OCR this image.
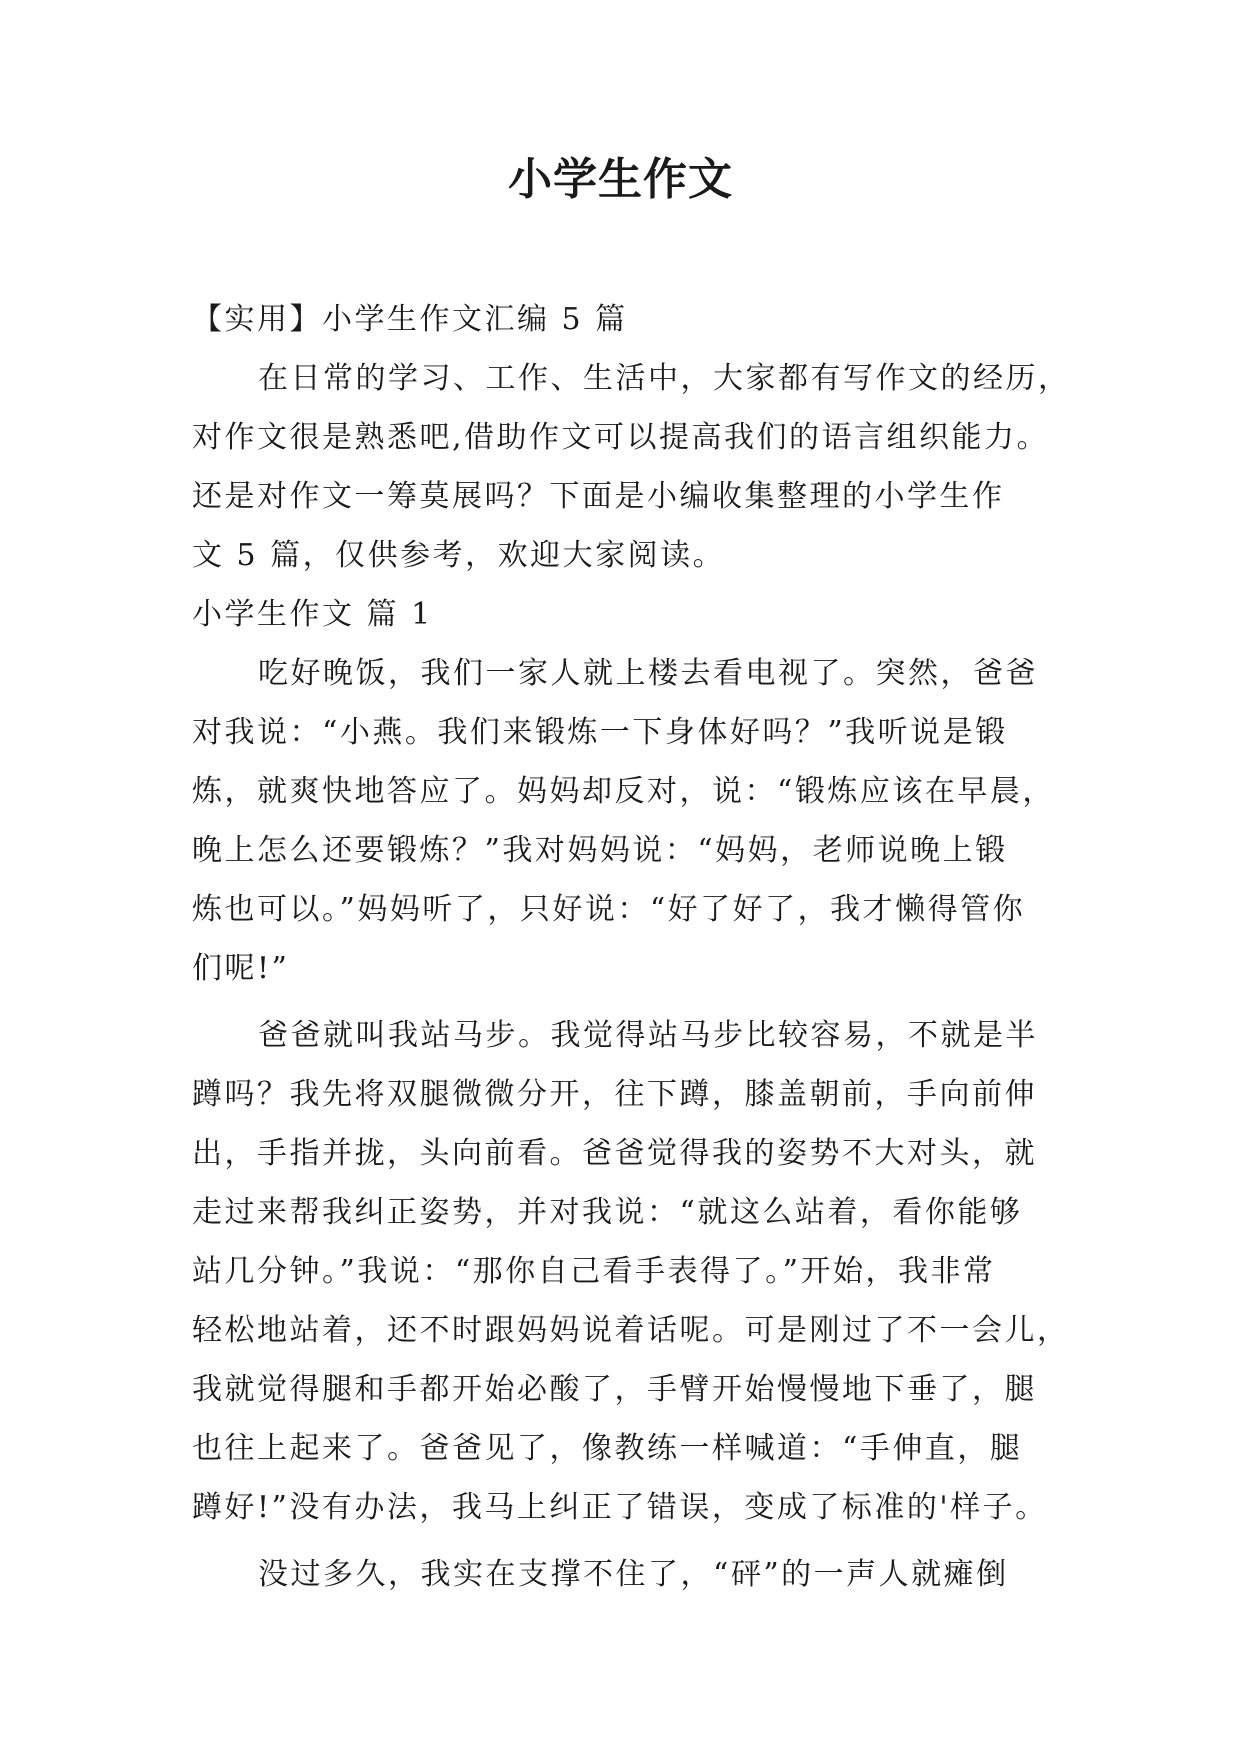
小学生作文
【实用】小学生作文汇编 5 篇
在日常的学习、工作、生活中，大家都有写作文的经历，
对作文很是熟悉吧,借助作文可以提高我们的语言组织能力。
还是对作文一筹莫展吗？下面是小编收集整理的小学生作
文 5 篇，仅供参考，欢迎大家阅读。
小学生作文 篇 1
吃好晚饭，我们一家人就上楼去看电视了。突然，爸爸
对我说：“小燕。我们来锻炼一下身体好吗？”我听说是锻
炼，就爽快地答应了。妈妈却反对，说：“锻炼应该在早晨，
晚上怎么还要锻炼？”我对妈妈说：“妈妈，老师说晚上锻
炼也可以。”妈妈听了，只好说：“好了好了，我才懒得管你
们呢!”
爸爸就叫我站马步。我觉得站马步比较容易，不就是半
蹲吗？我先将双腿微微分开，往下蹲，膝盖朝前，手向前伸
出，手指并拢，头向前看。爸爸觉得我的姿势不大对头，就
走过来帮我纠正姿势，并对我说：“就这么站着，看你能够
站几分钟。”我说：“那你自己看手表得了。”开始，我非常
轻松地站着，还不时跟妈妈说着话呢。可是刚过了不一会儿，
我就觉得腿和手都开始必酸了，手臂开始慢慢地下垂了，腿
也往上起来了。爸爸见了，像教练一样喊道：“手伸直，腿
蹲好!”没有办法，我马上纠正了错误，变成了标准的'样子。
没过多久，我实在支撑不住了，“砰”的一声人就瘫倒
